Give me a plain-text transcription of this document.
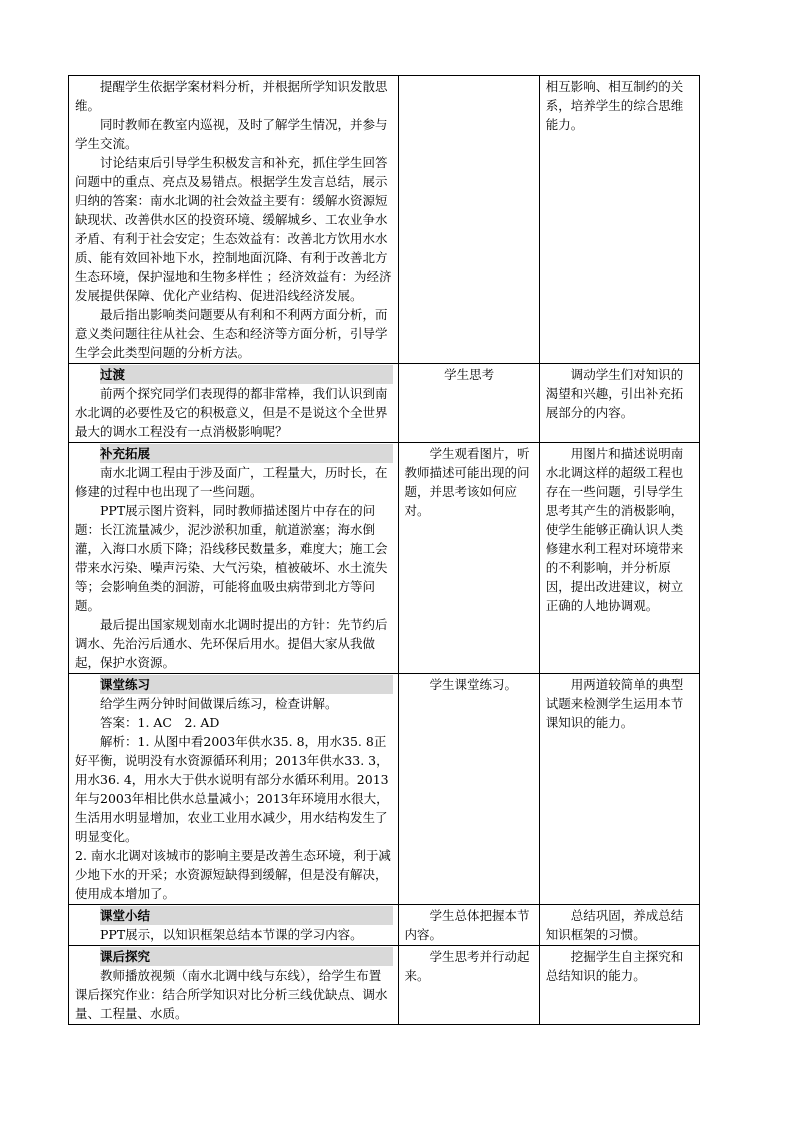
提醒学生依据学案材料分析，并根据所学知识发散思维。

同时教师在教室内巡视，及时了解学生情况，并参与学生交流。

讨论结束后引导学生积极发言和补充，抓住学生回答问题中的重点、亮点及易错点。根据学生发言总结，展示归纳的答案：南水北调的社会效益主要有：缓解水资源短缺现状、改善供水区的投资环境、缓解城乡、工农业争水矛盾、有利于社会安定；生态效益有：改善北方饮用水水质、能有效回补地下水，控制地面沉降、有利于改善北方生态环境，保护湿地和生物多样性 ；经济效益有：为经济发展提供保障、优化产业结构、促进沿线经济发展。

最后指出影响类问题要从有利和不利两方面分析，而意义类问题往往从社会、生态和经济等方面分析，引导学生学会此类型问题的分析方法。		相互影响、相互制约的关系，培养学生的综合思维能力。

过渡

前两个探究同学们表现得的都非常棒，我们认识到南水北调的必要性及它的积极意义，但是不是说这个全世界最大的调水工程没有一点消极影响呢？	学生思考	调动学生们对知识的渴望和兴趣，引出补充拓展部分的内容。

补充拓展

南水北调工程由于涉及面广，工程量大，历时长，在修建的过程中也出现了一些问题。

PPT展示图片资料，同时教师描述图片中存在的问题：长江流量减少，泥沙淤积加重，航道淤塞；海水倒灌，入海口水质下降；沿线移民数量多，难度大；施工会带来水污染、噪声污染、大气污染，植被破坏、水土流失等；会影响鱼类的洄游，可能将血吸虫病带到北方等问题。

最后提出国家规划南水北调时提出的方针：先节约后调水、先治污后通水、先环保后用水。提倡大家从我做起，保护水资源。	学生观看图片，听教师描述可能出现的问题，并思考该如何应对。	用图片和描述说明南水北调这样的超级工程也存在一些问题，引导学生思考其产生的消极影响，使学生能够正确认识人类修建水利工程对环境带来的不利影响，并分析原因，提出改进建议，树立正确的人地协调观。

课堂练习

给学生两分钟时间做课后练习，检查讲解。

答案：1. AC　2. AD

解析：1. 从图中看2003年供水35. 8，用水35. 8正好平衡，说明没有水资源循环利用；2013年供水33. 3，用水36. 4，用水大于供水说明有部分水循环利用。2013年与2003年相比供水总量减小；2013年环境用水很大，生活用水明显增加，农业工业用水减少，用水结构发生了明显变化。

2. 南水北调对该城市的影响主要是改善生态环境，利于减少地下水的开采；水资源短缺得到缓解，但是没有解决，使用成本增加了。	学生课堂练习。	用两道较简单的典型试题来检测学生运用本节课知识的能力。

课堂小结

PPT展示，以知识框架总结本节课的学习内容。	学生总体把握本节内容。	总结巩固，养成总结知识框架的习惯。

课后探究

教师播放视频（南水北调中线与东线），给学生布置课后探究作业：结合所学知识对比分析三线优缺点、调水量、工程量、水质。	学生思考并行动起来。	挖掘学生自主探究和总结知识的能力。
